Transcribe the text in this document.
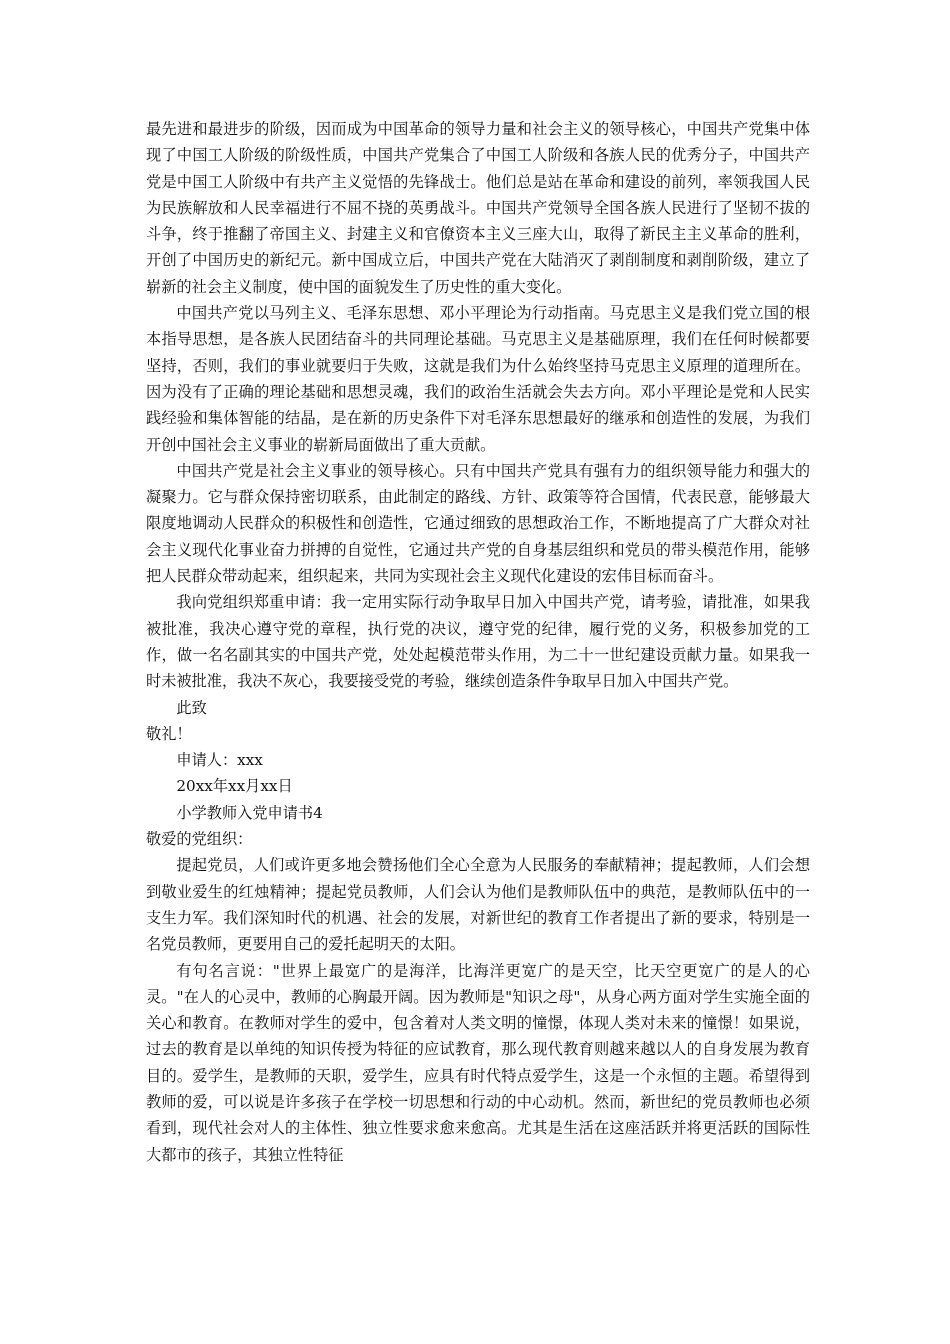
最先进和最进步的阶级，因而成为中国革命的领导力量和社会主义的领导核心，中国共产党集中体现了中国工人阶级的阶级性质，中国共产党集合了中国工人阶级和各族人民的优秀分子，中国共产党是中国工人阶级中有共产主义觉悟的先锋战士。他们总是站在革命和建设的前列，率领我国人民为民族解放和人民幸福进行不屈不挠的英勇战斗。中国共产党领导全国各族人民进行了坚韧不拔的斗争，终于推翻了帝国主义、封建主义和官僚资本主义三座大山，取得了新民主主义革命的胜利，开创了中国历史的新纪元。新中国成立后，中国共产党在大陆消灭了剥削制度和剥削阶级，建立了崭新的社会主义制度，使中国的面貌发生了历史性的重大变化。

中国共产党以马列主义、毛泽东思想、邓小平理论为行动指南。马克思主义是我们党立国的根本指导思想，是各族人民团结奋斗的共同理论基础。马克思主义是基础原理，我们在任何时候都要坚持，否则，我们的事业就要归于失败，这就是我们为什么始终坚持马克思主义原理的道理所在。因为没有了正确的理论基础和思想灵魂，我们的政治生活就会失去方向。邓小平理论是党和人民实践经验和集体智能的结晶，是在新的历史条件下对毛泽东思想最好的继承和创造性的发展，为我们开创中国社会主义事业的崭新局面做出了重大贡献。

中国共产党是社会主义事业的领导核心。只有中国共产党具有强有力的组织领导能力和强大的凝聚力。它与群众保持密切联系，由此制定的路线、方针、政策等符合国情，代表民意，能够最大限度地调动人民群众的积极性和创造性，它通过细致的思想政治工作，不断地提高了广大群众对社会主义现代化事业奋力拼搏的自觉性，它通过共产党的自身基层组织和党员的带头模范作用，能够把人民群众带动起来，组织起来，共同为实现社会主义现代化建设的宏伟目标而奋斗。

我向党组织郑重申请：我一定用实际行动争取早日加入中国共产党，请考验，请批准，如果我被批准，我决心遵守党的章程，执行党的决议，遵守党的纪律，履行党的义务，积极参加党的工作，做一名名副其实的中国共产党，处处起模范带头作用，为二十一世纪建设贡献力量。如果我一时未被批准，我决不灰心，我要接受党的考验，继续创造条件争取早日加入中国共产党。

此致

敬礼！

申请人：xxx

20xx年xx月xx日

小学教师入党申请书4

敬爱的党组织：

提起党员，人们或许更多地会赞扬他们全心全意为人民服务的奉献精神；提起教师，人们会想到敬业爱生的红烛精神；提起党员教师，人们会认为他们是教师队伍中的典范，是教师队伍中的一支生力军。我们深知时代的机遇、社会的发展，对新世纪的教育工作者提出了新的要求，特别是一名党员教师，更要用自己的爱托起明天的太阳。

有句名言说："世界上最宽广的是海洋，比海洋更宽广的是天空，比天空更宽广的是人的心灵。"在人的心灵中，教师的心胸最开阔。因为教师是"知识之母"，从身心两方面对学生实施全面的关心和教育。在教师对学生的爱中，包含着对人类文明的憧憬，体现人类对未来的憧憬！如果说，过去的教育是以单纯的知识传授为特征的应试教育，那么现代教育则越来越以人的自身发展为教育目的。爱学生，是教师的天职，爱学生，应具有时代特点爱学生，这是一个永恒的主题。希望得到教师的爱，可以说是许多孩子在学校一切思想和行动的中心动机。然而，新世纪的党员教师也必须看到，现代社会对人的主体性、独立性要求愈来愈高。尤其是生活在这座活跃并将更活跃的国际性大都市的孩子，其独立性特征
